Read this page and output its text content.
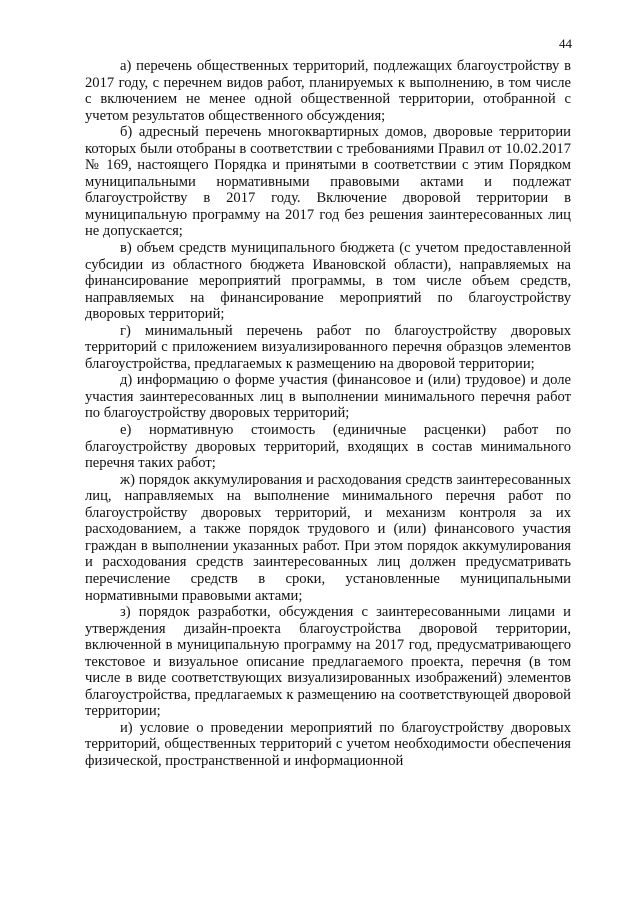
44

а) перечень общественных территорий, подлежащих благоустройству в 2017 году, с перечнем видов работ, планируемых к выполнению, в том числе с включением не менее одной общественной территории, отобранной с учетом результатов общественного обсуждения;

б) адресный перечень многоквартирных домов, дворовые территории которых были отобраны в соответствии с требованиями Правил от 10.02.2017 № 169, настоящего Порядка и принятыми в соответствии с этим Порядком муниципальными нормативными правовыми актами и подлежат благоустройству в 2017 году. Включение дворовой территории в муниципальную программу на 2017 год без решения заинтересованных лиц не допускается;

в) объем средств муниципального бюджета (с учетом предоставленной субсидии из областного бюджета Ивановской области), направляемых на финансирование мероприятий программы, в том числе объем средств, направляемых на финансирование мероприятий по благоустройству дворовых территорий;

г) минимальный перечень работ по благоустройству дворовых территорий с приложением визуализированного перечня образцов элементов благоустройства, предлагаемых к размещению на дворовой территории;

д) информацию о форме участия (финансовое и (или) трудовое) и доле участия заинтересованных лиц в выполнении минимального перечня работ по благоустройству дворовых территорий;

е) нормативную стоимость (единичные расценки) работ по благоустройству дворовых территорий, входящих в состав минимального перечня таких работ;

ж) порядок аккумулирования и расходования средств заинтересованных лиц, направляемых на выполнение минимального перечня работ по благоустройству дворовых территорий, и механизм контроля за их расходованием, а также порядок трудового и (или) финансового участия граждан в выполнении указанных работ. При этом порядок аккумулирования и расходования средств заинтересованных лиц должен предусматривать перечисление средств в сроки, установленные муниципальными нормативными правовыми актами;

з) порядок разработки, обсуждения с заинтересованными лицами и утверждения дизайн-проекта благоустройства дворовой территории, включенной в муниципальную программу на 2017 год, предусматривающего текстовое и визуальное описание предлагаемого проекта, перечня (в том числе в виде соответствующих визуализированных изображений) элементов благоустройства, предлагаемых к размещению на соответствующей дворовой территории;

и) условие о проведении мероприятий по благоустройству дворовых территорий, общественных территорий с учетом необходимости обеспечения физической, пространственной и информационной
